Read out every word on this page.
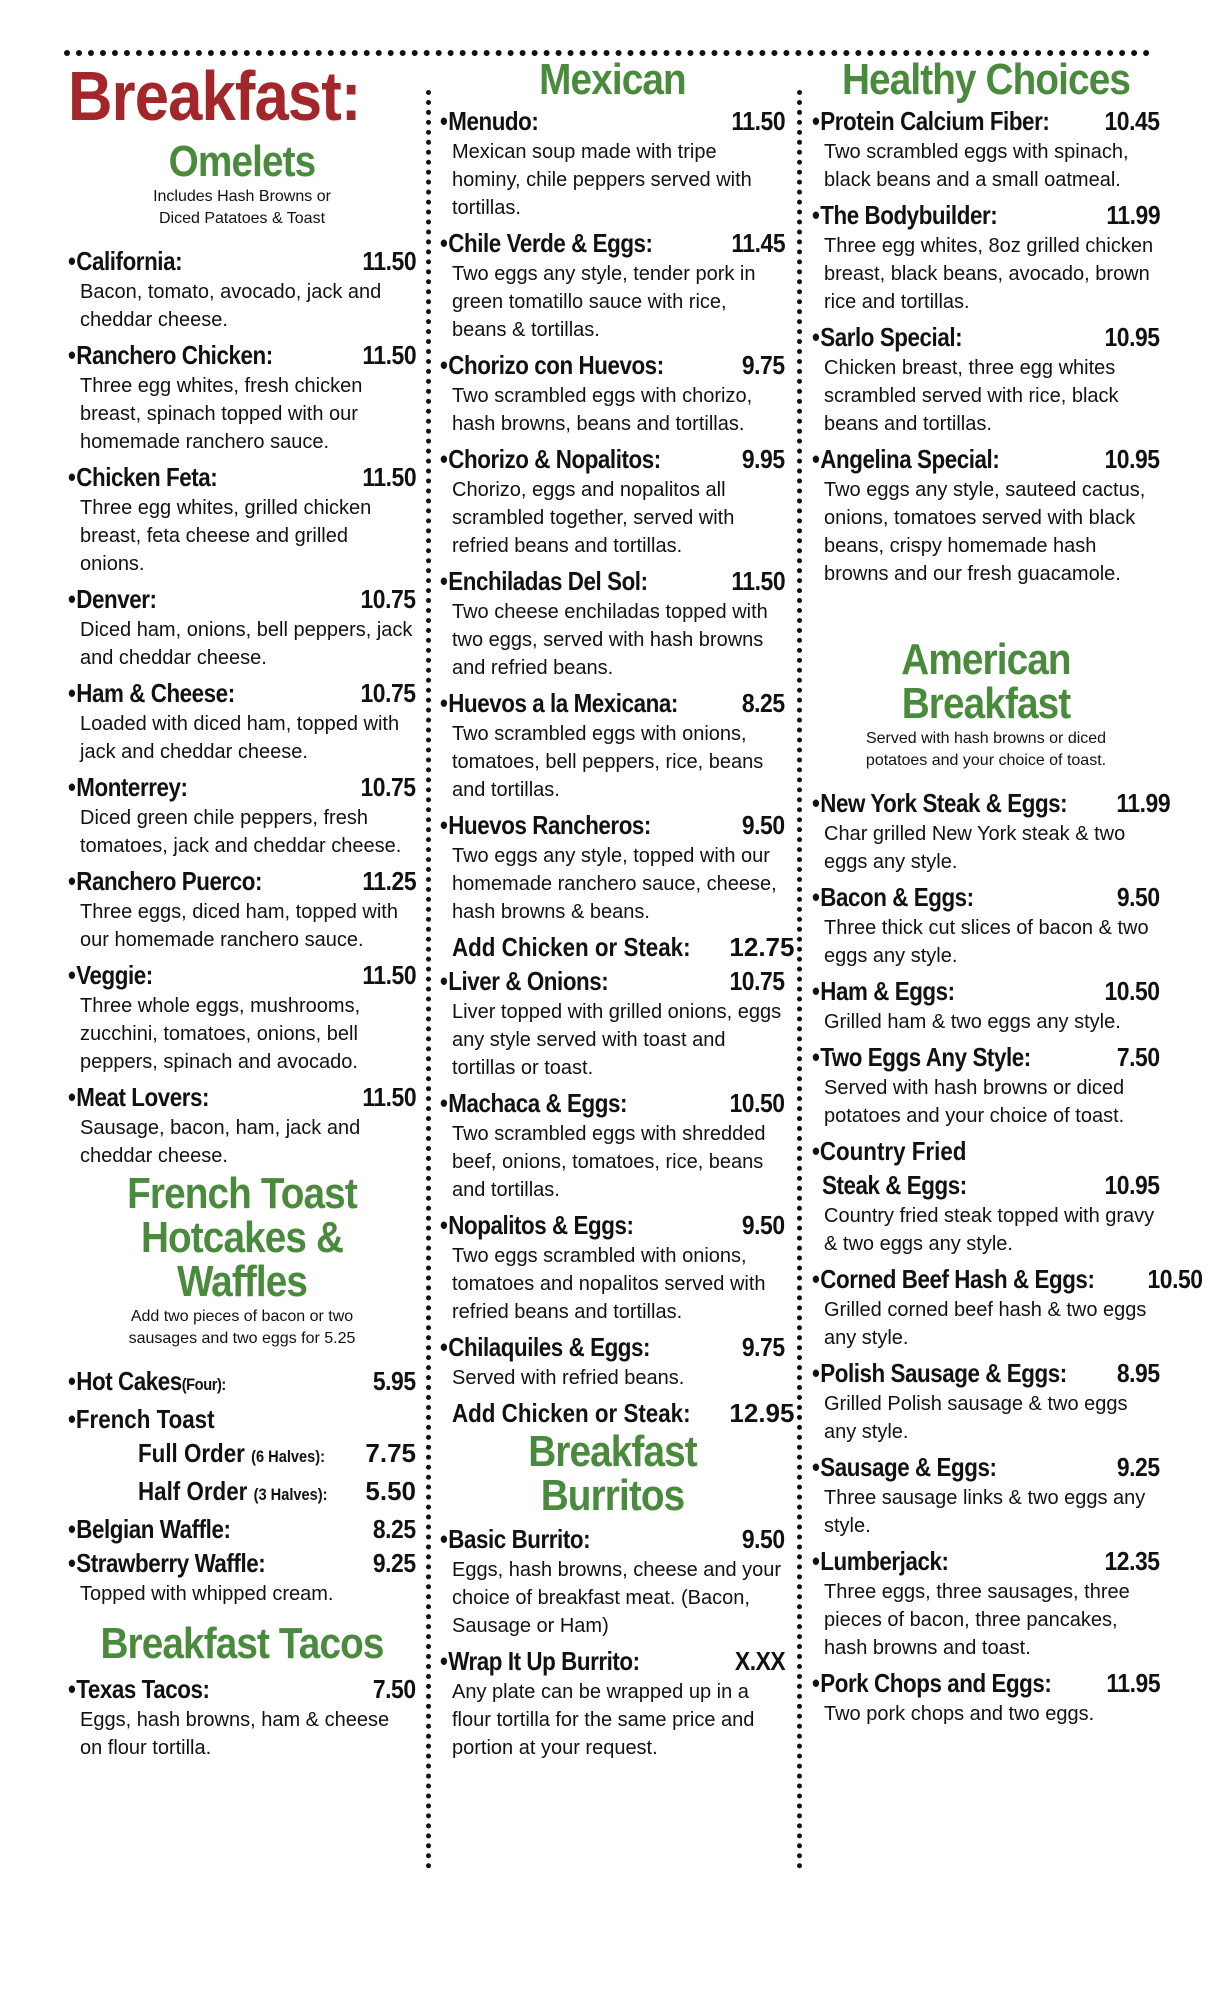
Breakfast:
Omelets
Includes Hash Browns or
Diced Patatoes & Toast
• California:	11.50
Bacon, tomato, avocado, jack and cheddar cheese.
• Ranchero Chicken:	11.50
Three egg whites, fresh chicken breast, spinach topped with our homemade ranchero sauce.
• Chicken Feta:	11.50
Three egg whites, grilled chicken breast, feta cheese and grilled onions.
• Denver:	10.75
Diced ham, onions, bell peppers, jack and cheddar cheese.
• Ham & Cheese:	10.75
Loaded with diced ham, topped with jack and cheddar cheese.
• Monterrey:	10.75
Diced green chile peppers, fresh tomatoes, jack and cheddar cheese.
• Ranchero Puerco:	11.25
Three eggs, diced ham, topped with our homemade ranchero sauce.
• Veggie:	11.50
Three whole eggs, mushrooms, zucchini, tomatoes, onions, bell peppers, spinach and avocado.
• Meat Lovers:	11.50
Sausage, bacon, ham, jack and cheddar cheese.
French Toast
Hotcakes &
Waffles
Add two pieces of bacon or two
sausages and two eggs for 5.25
• Hot Cakes(Four):	5.95
• French Toast
Full Order (6 Halves): 7.75
Half Order (3 Halves): 5.50
• Belgian Waffle:	8.25
• Strawberry Waffle:	9.25
Topped with whipped cream.
Breakfast Tacos
• Texas Tacos:	7.50
Eggs, hash browns, ham & cheese on flour tortilla.
Mexican
• Menudo:	11.50
Mexican soup made with tripe hominy, chile peppers served with tortillas.
• Chile Verde & Eggs:	11.45
Two eggs any style, tender pork in green tomatillo sauce with rice, beans & tortillas.
• Chorizo con Huevos:	9.75
Two scrambled eggs with chorizo, hash browns, beans and tortillas.
• Chorizo & Nopalitos:	9.95
Chorizo, eggs and nopalitos all scrambled together, served with refried beans and tortillas.
• Enchiladas Del Sol:	11.50
Two cheese enchiladas topped with two eggs, served with hash browns and refried beans.
• Huevos a la Mexicana: 8.25
Two scrambled eggs with onions, tomatoes, bell peppers, rice, beans and tortillas.
• Huevos Rancheros:	9.50
Two eggs any style, topped with our homemade ranchero sauce, cheese, hash browns & beans.
Add Chicken or Steak: 12.75
• Liver & Onions:	10.75
Liver topped with grilled onions, eggs any style served with toast and tortillas or toast.
• Machaca & Eggs:	10.50
Two scrambled eggs with shredded beef, onions, tomatoes, rice, beans and tortillas.
• Nopalitos & Eggs:	9.50
Two eggs scrambled with onions, tomatoes and nopalitos served with refried beans and tortillas.
• Chilaquiles & Eggs:	9.75
Served with refried beans.
Add Chicken or Steak: 12.95
Breakfast
Burritos
• Basic Burrito:	9.50
Eggs, hash browns, cheese and your choice of breakfast meat. (Bacon, Sausage or Ham)
• Wrap It Up Burrito:	X.XX
Any plate can be wrapped up in a flour tortilla for the same price and portion at your request.
Healthy Choices
• Protein Calcium Fiber: 10.45
Two scrambled eggs with spinach, black beans and a small oatmeal.
• The Bodybuilder:	11.99
Three egg whites, 8oz grilled chicken breast, black beans, avocado, brown rice and tortillas.
• Sarlo Special:	10.95
Chicken breast, three egg whites scrambled served with rice, black beans and tortillas.
• Angelina Special:	10.95
Two eggs any style, sauteed cactus, onions, tomatoes served with black beans, crispy homemade hash browns and our fresh guacamole.
American
Breakfast
Served with hash browns or diced
potatoes and your choice of toast.
• New York Steak & Eggs: 11.99
Char grilled New York steak & two eggs any style.
• Bacon & Eggs:	9.50
Three thick cut slices of bacon & two eggs any style.
• Ham & Eggs:	10.50
Grilled ham & two eggs any style.
• Two Eggs Any Style:	7.50
Served with hash browns or diced potatoes and your choice of toast.
• Country Fried
Steak & Eggs:	10.95
Country fried steak topped with gravy & two eggs any style.
• Corned Beef Hash & Eggs: 10.50
Grilled corned beef hash & two eggs any style.
• Polish Sausage & Eggs: 8.95
Grilled Polish sausage & two eggs any style.
• Sausage & Eggs:	9.25
Three sausage links & two eggs any style.
• Lumberjack:	12.35
Three eggs, three sausages, three pieces of bacon, three pancakes, hash browns and toast.
• Pork Chops and Eggs: 11.95
Two pork chops and two eggs.
